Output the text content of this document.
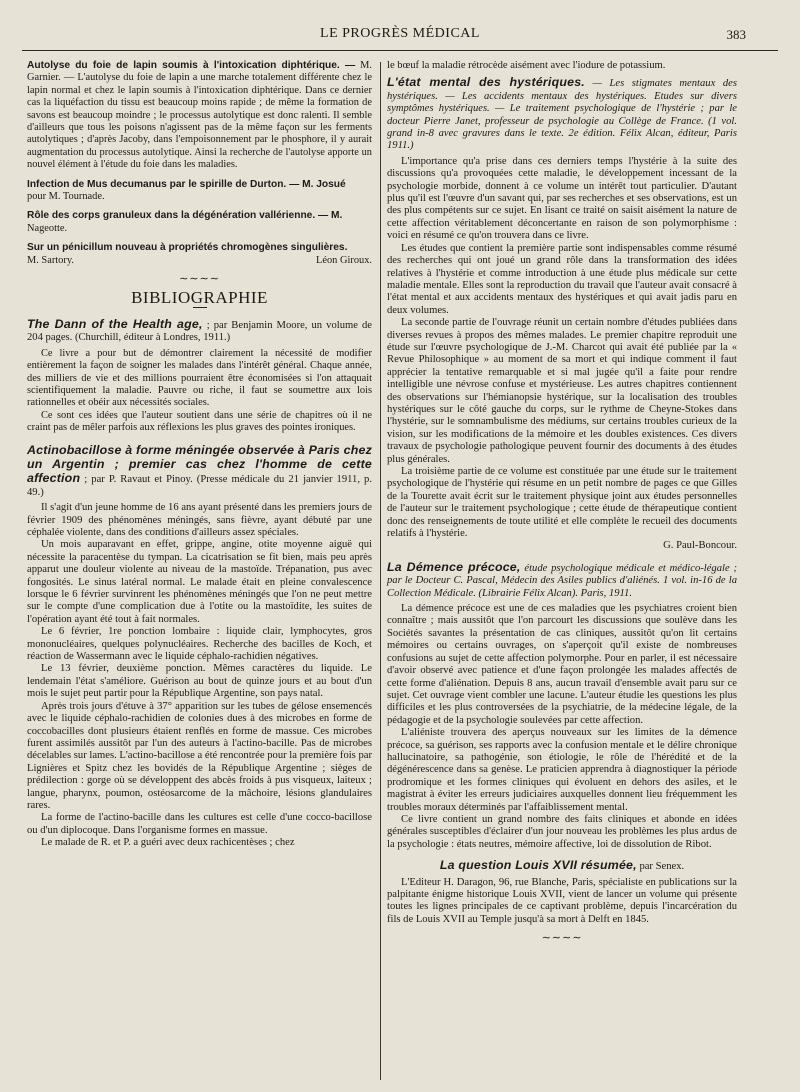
LE PROGRÈS MÉDICAL	383

Autolyse du foie de lapin soumis à l'intoxication diphtérique. — M. Garnier. — L'autolyse du foie de lapin a une marche totalement différente chez le lapin normal et chez le lapin soumis à l'intoxication diphtérique. Dans ce dernier cas la liquéfaction du tissu est beaucoup moins rapide ; de même la formation de savons est beaucoup moindre ; le processus autolytique est donc ralenti. Il semble d'ailleurs que tous les poisons n'agissent pas de la même façon sur les ferments autolytiques ; d'après Jacoby, dans l'empoisonnement par le phosphore, il y aurait augmentation du processus autolytique. Ainsi la recherche de l'autolyse apporte un nouvel élément à l'étude du foie dans les maladies.

Infection de Mus decumanus par le spirille de Durton. — M. Josué

pour M. Tournade.

Rôle des corps granuleux dans la dégénération vallérienne. — M.

Nageotte.

Sur un pénicillum nouveau à propriétés chromogènes singulières.

M. Sartory.	Léon Giroux.

∼∼∼∼
BIBLIOGRAPHIE

The Dann of the Health age, ; par Benjamin Moore, un volume de 204 pages. (Churchill, éditeur à Londres, 1911.)

Ce livre a pour but de démontrer clairement la nécessité de modifier entièrement la façon de soigner les malades dans l'intérêt général. Chaque année, des milliers de vie et des millions pourraient être économisées si l'on attaquait scientifiquement la maladie. Pauvre ou riche, il faut se soumettre aux lois rationnelles et obéir aux nécessités sociales.

Ce sont ces idées que l'auteur soutient dans une série de chapitres où il ne craint pas de mêler parfois aux réflexions les plus graves des pointes ironiques.

Actinobacillose à forme méningée observée à Paris chez un Argentin ; premier cas chez l'homme de cette affection ; par P. Ravaut et Pinoy. (Presse médicale du 21 janvier 1911, p. 49.)

Il s'agit d'un jeune homme de 16 ans ayant présenté dans les premiers jours de février 1909 des phénomènes méningés, sans fièvre, ayant débuté par une céphalée violente, dans des conditions d'ailleurs assez spéciales.

Un mois auparavant en effet, grippe, angine, otite moyenne aiguë qui nécessite la paracentèse du tympan. La cicatrisation se fit bien, mais peu après apparut une douleur violente au niveau de la mastoïde. Trépanation, pus avec fongosités. Le sinus latéral normal. Le malade était en pleine convalescence lorsque le 6 février survinrent les phénomènes méningés que l'on ne peut mettre sur le compte d'une complication due à l'otite ou la mastoïdite, les suites de l'opération ayant été tout à fait normales.

Le 6 février, 1re ponction lombaire : liquide clair, lymphocytes, gros mononucléaires, quelques polynucléaires. Recherche des bacilles de Koch, et réaction de Wassermann avec le liquide céphalo-rachidien négatives.

Le 13 février, deuxième ponction. Mêmes caractères du liquide. Le lendemain l'état s'améliore. Guérison au bout de quinze jours et au bout d'un mois le sujet peut partir pour la République Argentine, son pays natal.

Après trois jours d'étuve à 37° apparition sur les tubes de gélose ensemencés avec le liquide céphalo-rachidien de colonies dues à des microbes en forme de coccobacilles dont plusieurs étaient renflés en forme de massue. Ces microbes furent assimilés aussitôt par l'un des auteurs à l'actino-bacille. Pas de microbes décelables sur lames. L'actino-bacillose a été rencontrée pour la première fois par Lignières et Spitz chez les bovidés de la République Argentine ; sièges de prédilection : gorge où se développent des abcès froids à pus visqueux, laiteux ; langue, pharynx, poumon, ostéosarcome de la mâchoire, lésions glandulaires rares.

La forme de l'actino-bacille dans les cultures est celle d'une cocco-bacillose ou d'un diplocoque. Dans l'organisme formes en massue.

Le malade de R. et P. a guéri avec deux rachicentèses ; chez

le bœuf la maladie rétrocède aisément avec l'iodure de potassium.

L'état mental des hystériques. — Les stigmates mentaux des hystériques. — Les accidents mentaux des hystériques. Etudes sur divers symptômes hystériques. — Le traitement psychologique de l'hystérie ; par le docteur Pierre Janet, professeur de psychologie au Collège de France. (1 vol. grand in-8 avec gravures dans le texte. 2e édition. Félix Alcan, éditeur, Paris 1911.)

L'importance qu'a prise dans ces derniers temps l'hystérie à la suite des discussions qu'a provoquées cette maladie, le développement incessant de la psychologie morbide, donnent à ce volume un intérêt tout particulier. D'autant plus qu'il est l'œuvre d'un savant qui, par ses recherches et ses observations, est un des plus compétents sur ce sujet. En lisant ce traité on saisit aisément la nature de cette affection véritablement déconcertante en raison de son polymorphisme : voici en résumé ce qu'on trouvera dans ce livre.

Les études que contient la première partie sont indispensables comme résumé des recherches qui ont joué un grand rôle dans la transformation des idées relatives à l'hystérie et comme introduction à une étude plus médicale sur cette maladie mentale. Elles sont la reproduction du travail que l'auteur avait consacré à l'état mental et aux accidents mentaux des hystériques et qui avait jadis paru en deux volumes.

La seconde partie de l'ouvrage réunit un certain nombre d'études publiées dans diverses revues à propos des mêmes malades. Le premier chapitre reproduit une étude sur l'œuvre psychologique de J.-M. Charcot qui avait été publiée par la « Revue Philosophique » au moment de sa mort et qui indique comment il faut apprécier la tentative remarquable et si mal jugée qu'il a faite pour rendre intelligible une névrose confuse et mystérieuse. Les autres chapitres contiennent des observations sur l'hémianopsie hystérique, sur la localisation des troubles hystériques sur le côté gauche du corps, sur le rythme de Cheyne-Stokes dans l'hystérie, sur le somnambulisme des médiums, sur certains troubles curieux de la vision, sur les modifications de la mémoire et les doubles existences. Ces divers travaux de psychologie pathologique peuvent fournir des documents à des études plus générales.

La troisième partie de ce volume est constituée par une étude sur le traitement psychologique de l'hystérie qui résume en un petit nombre de pages ce que Gilles de la Tourette avait écrit sur le traitement physique joint aux études personnelles de l'auteur sur le traitement psychologique ; cette étude de thérapeutique contient donc des renseignements de toute utilité et elle complète le recueil des documents relatifs à l'hystérie.

G. Paul-Boncour.

La Démence précoce, étude psychologique médicale et médico-légale ; par le Docteur C. Pascal, Médecin des Asiles publics d'aliénés. 1 vol. in-16 de la Collection Médicale. (Librairie Félix Alcan). Paris, 1911.

La démence précoce est une de ces maladies que les psychiatres croient bien connaître ; mais aussitôt que l'on parcourt les discussions que soulève dans les Sociétés savantes la présentation de cas cliniques, aussitôt qu'on lit certains mémoires ou certains ouvrages, on s'aperçoit qu'il existe de nombreuses confusions au sujet de cette affection polymorphe. Pour en parler, il est nécessaire d'avoir observé avec patience et d'une façon prolongée les malades affectés de cette forme d'aliénation. Depuis 8 ans, aucun travail d'ensemble avait paru sur ce sujet. Cet ouvrage vient combler une lacune. L'auteur étudie les questions les plus difficiles et les plus controversées de la psychiatrie, de la médecine légale, de la pédagogie et de la psychologie soulevées par cette affection.

L'aliéniste trouvera des aperçus nouveaux sur les limites de la démence précoce, sa guérison, ses rapports avec la confusion mentale et le délire chronique hallucinatoire, sa pathogénie, son étiologie, le rôle de l'hérédité et de la dégénérescence dans sa genèse. Le praticien apprendra à diagnostiquer la période prodromique et les formes cliniques qui évoluent en dehors des asiles, et le magistrat à éviter les erreurs judiciaires auxquelles donnent lieu fréquemment les troubles moraux déterminés par l'affaiblissement mental.

Ce livre contient un grand nombre des faits cliniques et abonde en idées générales susceptibles d'éclairer d'un jour nouveau les problèmes les plus ardus de la psychologie : états neutres, mémoire affective, loi de dissolution de Ribot.

La question Louis XVII résumée, par Senex.

L'Editeur H. Daragon, 96, rue Blanche, Paris, spécialiste en publications sur la palpitante énigme historique Louis XVII, vient de lancer un volume qui présente toutes les lignes principales de ce captivant problème, depuis l'incarcération du fils de Louis XVII au Temple jusqu'à sa mort à Delft en 1845.

∼∼∼∼
